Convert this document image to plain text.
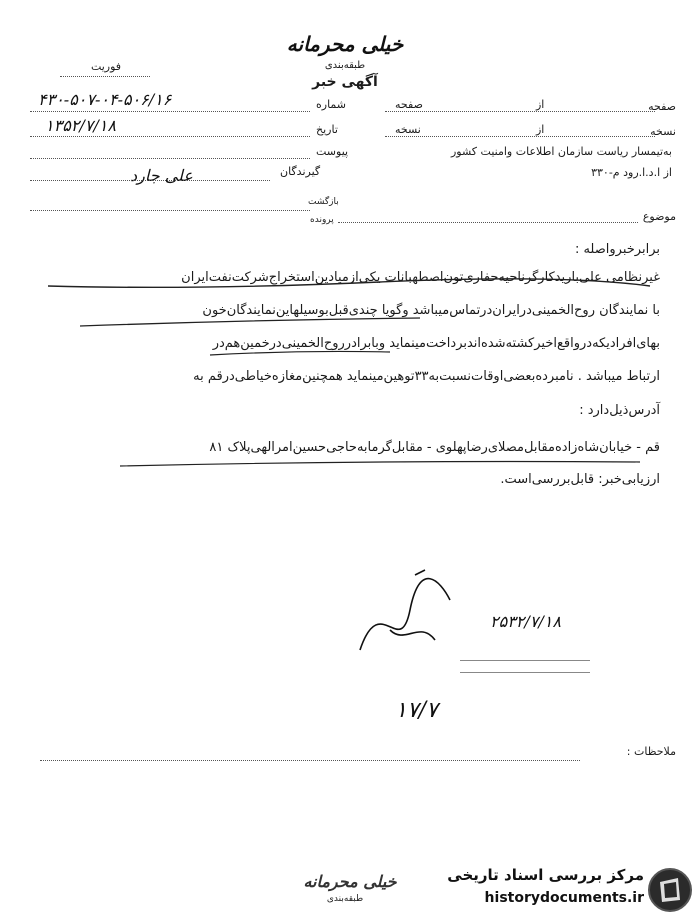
خیلی محرمانه
طبقه‌بندی
فوریت
آگهی خبر
صفحه
از
صفحه
نسخه
از
نسخه
شماره
۴۳۰-۵۰۷-۰۴-۵۰۶/۱۶
تاریخ
۱۳۵۲/۷/۱۸
پیوست
گیرندگان
علی‌ جارد
به‌تیمسار ریاست سازمان اطلاعات وامنیت کشور
از ا.د.ا.رود م-۳۳۰
بازگشت
پرونده	موضوع
برابرخبرواصله :
غیرنظامی علی‌باریدکارگرناحیه‌حفاری‌تون‌اصطهبانات یکی‌ازمیادین‌استخراج‌شرکت‌نفت‌ایران
با نمایندگان روح‌الخمینی‌درایران‌درتماس‌میباشد وگویا چندی‌قبل‌بوسیلهاین‌نمایندگان‌خون
بهای‌افرادیکه‌درواقع‌اخیرکشته‌شده‌اندبرداخت‌مینماید وبابرادرروح‌الخمینی‌درخمین‌هم‌در
ارتباط میباشد . نامبرده‌بعضی‌اوقات‌نسبت‌به‌۳۳توهین‌مینماید همچنین‌مغازه‌خیاطی‌درقم به
آدرس‌ذیل‌دارد :
قم - خیابان‌شاه‌زاده‌مقابل‌مصلای‌رضا‌پهلوی - مقابل‌گرمابه‌حاجی‌حسین‌امرالهی‌پلاک ۸۱
ارزیابی‌خبر: قابل‌بررسی‌است.
۲۵۳۲/۷/۱۸
۱۷/۷
ملاحظات :
خیلی محرمانه
طبقه‌بندی
مرکز بررسی اسناد تاریخی
historydocuments.ir
